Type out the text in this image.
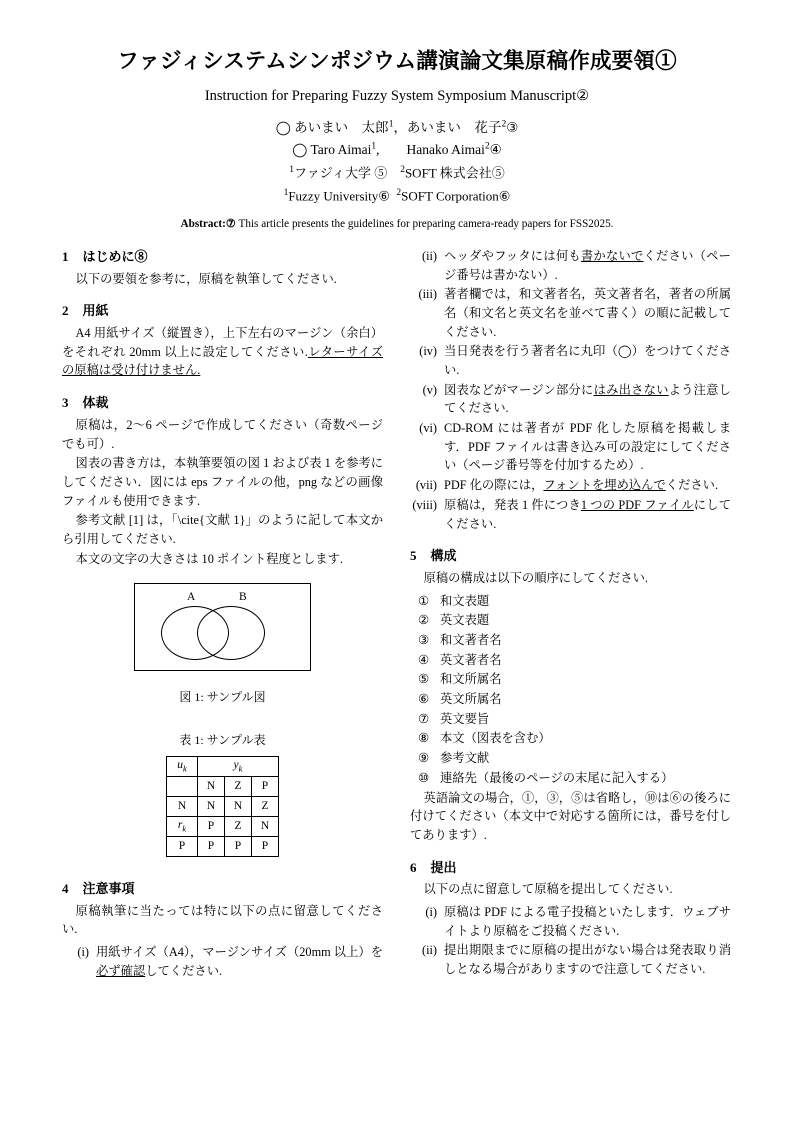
ファジィシステムシンポジウム講演論文集原稿作成要領①
Instruction for Preparing Fuzzy System Symposium Manuscript②
◯ あいまい　太郎$^1$，あいまい　花子$^2$③
◯ Taro Aimai$^1$, Hanako Aimai$^2$④
$^1$ファジィ大学 ⑤ $^2$SOFT 株式会社⑤
$^1$Fuzzy University⑥ $^2$SOFT Corporation⑥
Abstract:⑦ This article presents the guidelines for preparing camera-ready papers for FSS2025.
1 はじめに⑧

以下の要領を参考に，原稿を執筆してください.

2 用紙

A4 用紙サイズ（縦置き），上下左右のマージン（余白）をそれぞれ 20mm 以上に設定してください.レターサイズの原稿は受け付けません.

3 体裁

原稿は，2〜6 ページで作成してください（奇数ページでも可）.

図表の書き方は，本執筆要領の図 1 および表 1 を参考にしてください．図には eps ファイルの他，png などの画像ファイルも使用できます.

参考文献 [1] は，「\cite{文献 1}」のように記して本文から引用してください.

本文の文字の大きさは 10 ポイント程度とします.

A	B
図 1: サンプル図
表 1: サンプル表
$u_k$	$y_k$
	N	Z	P
N	N	N	Z
$r_k$	P	Z	N
P	P	P	P
4 注意事項

原稿執筆に当たっては特に以下の点に留意してください.

(i) 用紙サイズ（A4），マージンサイズ（20mm 以上）を必ず確認してください.
(ii) ヘッダやフッタには何も書かないでください（ページ番号は書かない）.
(iii) 著者欄では，和文著者名，英文著者名，著者の所属名（和文名と英文名を並べて書く）の順に記載してください.
(iv) 当日発表を行う著者名に丸印（◯）をつけてください.
(v) 図表などがマージン部分にはみ出さないよう注意してください.
(vi) CD-ROM には著者が PDF 化した原稿を掲載します．PDF ファイルは書き込み可の設定にしてください（ページ番号等を付加するため）.
(vii) PDF 化の際には，フォントを埋め込んでください.
(viii) 原稿は，発表 1 件につき1 つの PDF ファイルにしてください.
5 構成

原稿の構成は以下の順序にしてください.

① 和文表題
② 英文表題
③ 和文著者名
④ 英文著者名
⑤ 和文所属名
⑥ 英文所属名
⑦ 英文要旨
⑧ 本文（図表を含む）
⑨ 参考文献
⑩ 連絡先（最後のページの末尾に記入する）

英語論文の場合，①，③，⑤は省略し，⑩は⑥の後ろに付けてください（本文中で対応する箇所には，番号を付してあります）.

6 提出

以下の点に留意して原稿を提出してください.

(i) 原稿は PDF による電子投稿といたします．ウェブサイトより原稿をご投稿ください.
(ii) 提出期限までに原稿の提出がない場合は発表取り消しとなる場合がありますので注意してください.
